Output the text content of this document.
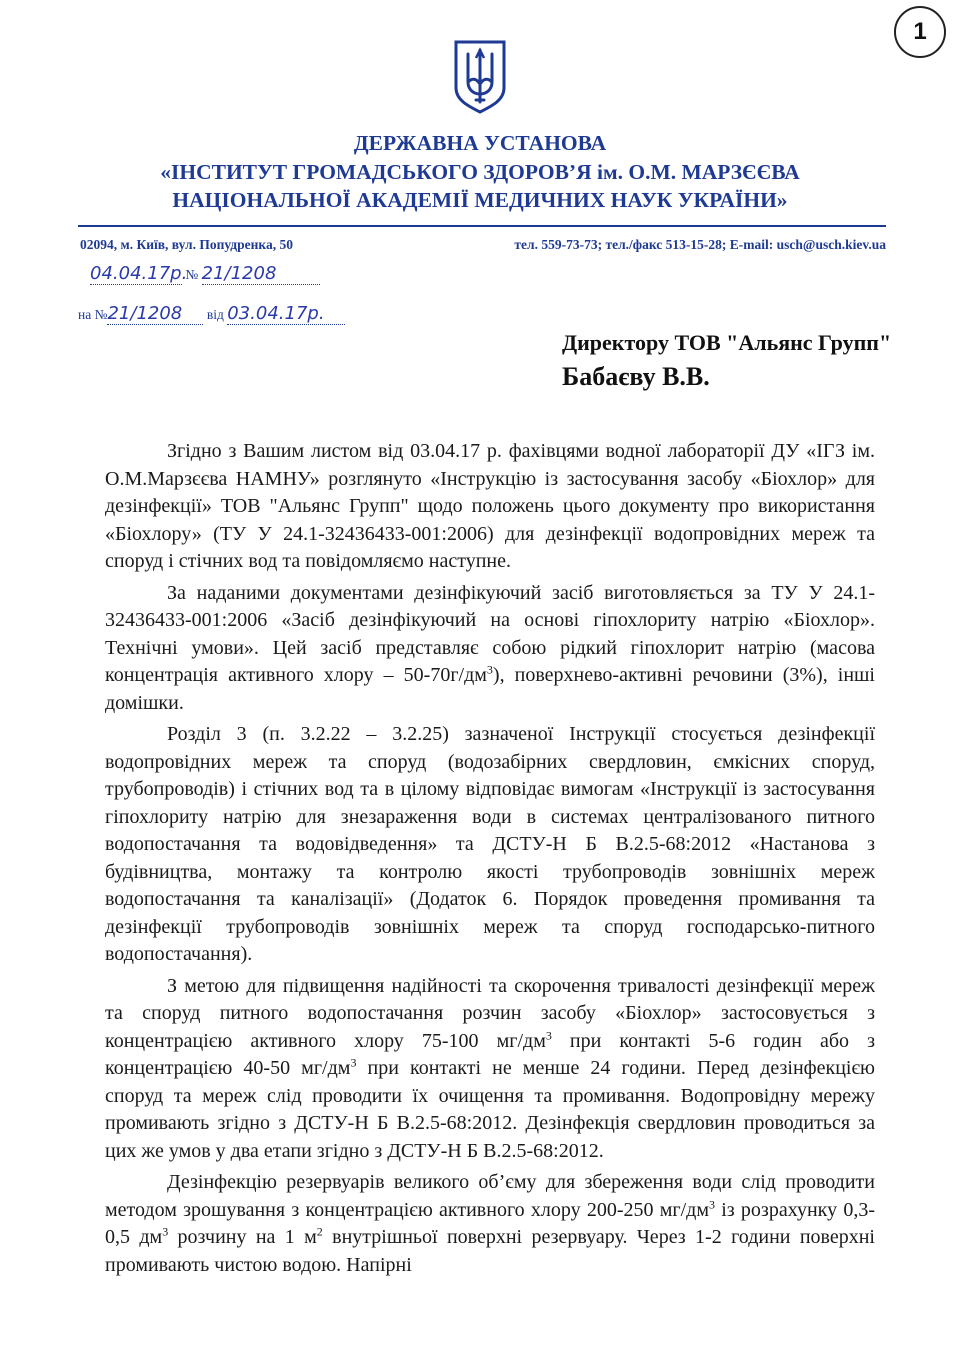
1
ДЕРЖАВНА УСТАНОВА
«ІНСТИТУТ ГРОМАДСЬКОГО ЗДОРОВ’Я ім. О.М. МАРЗЄЄВА
НАЦІОНАЛЬНОЇ АКАДЕМІЇ МЕДИЧНИХ НАУК УКРАЇНИ»
02094, м. Київ, вул. Попудренка, 50	тел. 559-73-73; тел./факс 513-15-28; E-mail: usch@usch.kiev.ua
04.04.17р. № 21/1208
на №21/1208 від 03.04.17р.
Директору ТОВ "Альянс Групп"
Бабаєву В.В.

Згідно з Вашим листом від 03.04.17 р. фахівцями водної лабораторії ДУ «ІГЗ ім. О.М.Марзєєва НАМНУ» розглянуто «Інструкцію із застосування засобу «Біохлор» для дезінфекції» ТОВ "Альянс Групп" щодо положень цього документу про використання «Біохлору» (ТУ У 24.1-32436433-001:2006) для дезінфекції водопровідних мереж та споруд і стічних вод та повідомляємо наступне.

За наданими документами дезінфікуючий засіб виготовляється за ТУ У 24.1-32436433-001:2006 «Засіб дезінфікуючий на основі гіпохлориту натрію «Біохлор». Технічні умови». Цей засіб представляє собою рідкий гіпохлорит натрію (масова концентрація активного хлору – $50-70г/дм^3$), поверхнево-активні речовини (3%), інші домішки.

Розділ 3 (п. 3.2.22 – 3.2.25) зазначеної Інструкції стосується дезінфекції водопровідних мереж та споруд (водозабірних свердловин, ємкісних споруд, трубопроводів) і стічних вод та в цілому відповідає вимогам «Інструкції із застосування гіпохлориту натрію для знезараження води в системах централізованого питного водопостачання та водовідведення» та ДСТУ-Н Б В.2.5-68:2012 «Настанова з будівництва, монтажу та контролю якості трубопроводів зовнішніх мереж водопостачання та каналізації» (Додаток 6. Порядок проведення промивання та дезінфекції трубопроводів зовнішніх мереж та споруд господарсько-питного водопостачання).

З метою для підвищення надійності та скорочення тривалості дезінфекції мереж та споруд питного водопостачання розчин засобу «Біохлор» застосовується з концентрацією активного хлору 75-100 $мг/дм^3$ при контакті 5-6 годин або з концентрацією 40-50 $мг/дм^3$ при контакті не менше 24 години. Перед дезінфекцією споруд та мереж слід проводити їх очищення та промивання. Водопровідну мережу промивають згідно з ДСТУ-Н Б В.2.5-68:2012. Дезінфекція свердловин проводиться за цих же умов у два етапи згідно з ДСТУ-Н Б В.2.5-68:2012.

Дезінфекцію резервуарів великого об’єму для збереження води слід проводити методом зрошування з концентрацією активного хлору 200-250 $мг/дм^3$ із розрахунку 0,3-0,5 $дм^3$ розчину на 1 $м^2$ внутрішньої поверхні резервуару. Через 1-2 години поверхні промивають чистою водою. Напірні
